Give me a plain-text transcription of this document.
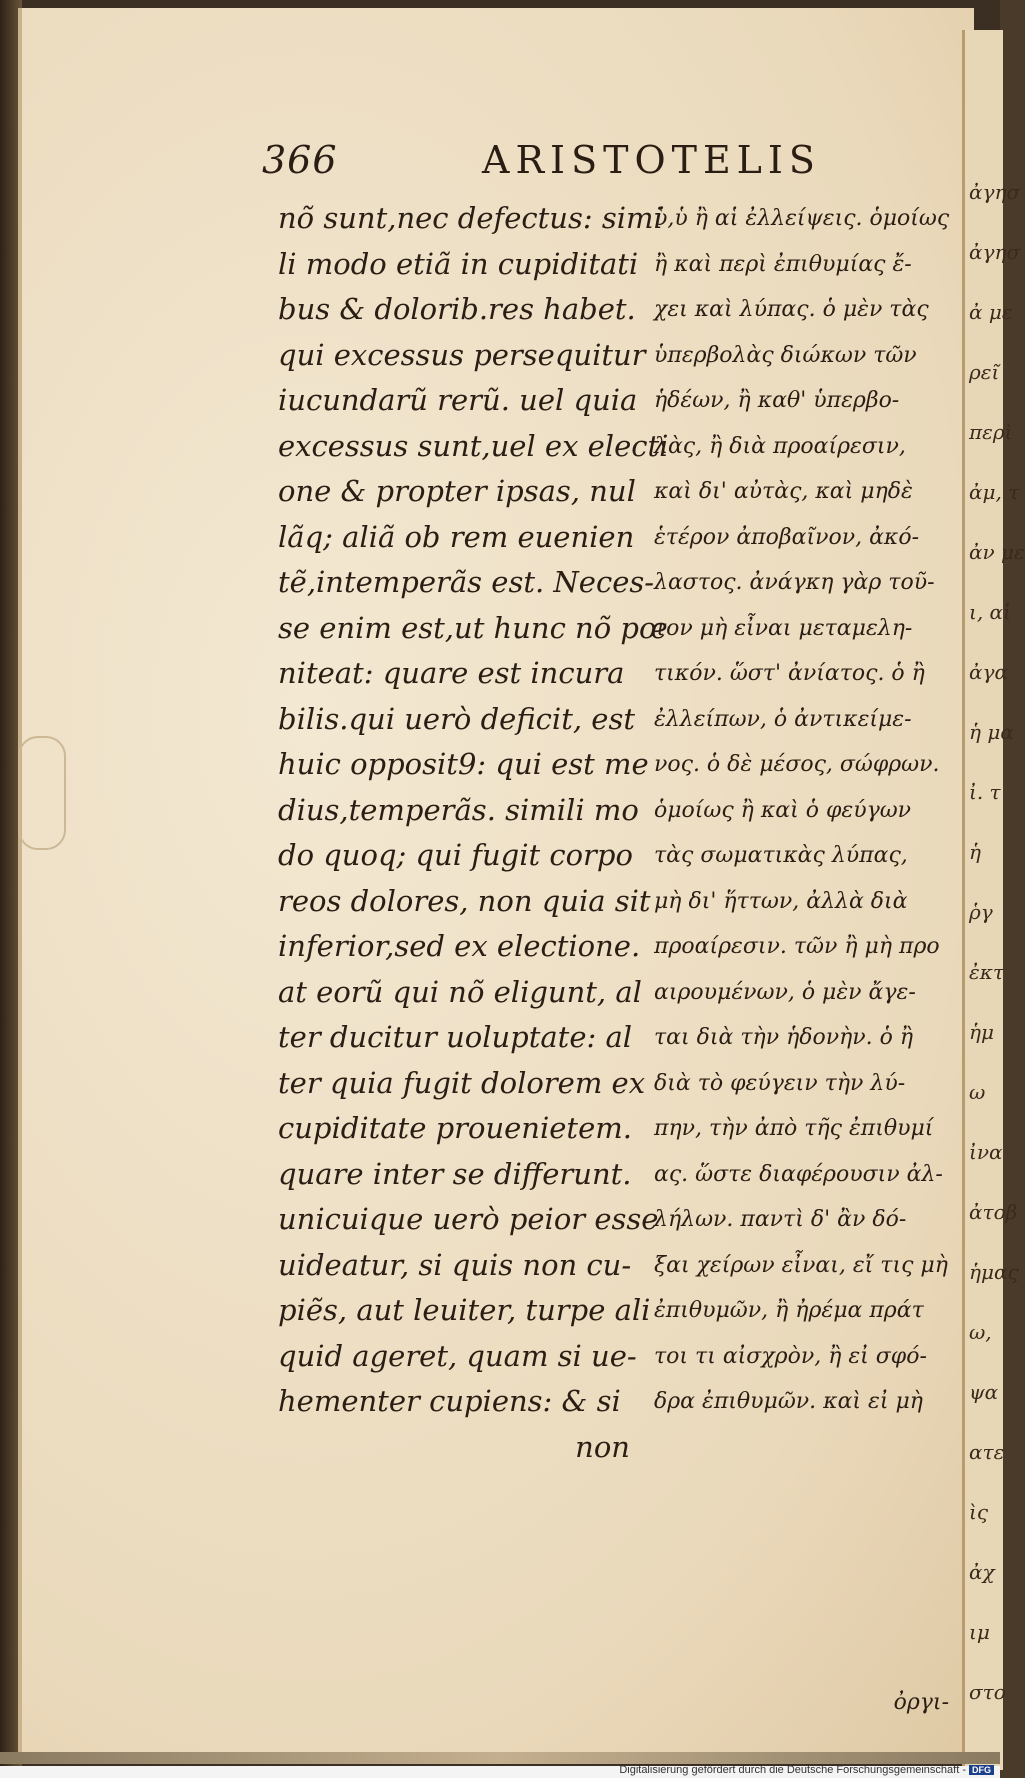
ἀγησ
ἀγησ
ἀ με
ρεῖ
περὶ
ἀμ, τ
ἀν με
ι, αἱ
ἀγα
ἡ μα
ἰ. τ
ἡ
ῥγ
ἐκτ
ἡμ
ω
ἰνα
ἀτοβ
ἡμας
ω,
ψα
ατε
ὶς
ἀχ
ιμ
στο
366	ARISTOTELIS
nõ sunt,nec defectus: simi
li modo etiã in cupiditati
bus & dolorib.res habet.
qui excessus persequitur
iucundarũ rerũ. uel quia
excessus sunt,uel ex electi
one & propter ipsas, nul
lãq; aliã ob rem euenien
tẽ,intemperãs est. Neces-
se enim est,ut hunc nõ pœ
niteat: quare est incura
bilis.qui uerò deficit, est
huic opposit9: qui est me
dius,temperãs. simili mo
do quoq; qui fugit corpo
reos dolores, non quia sit
inferior,sed ex electione.
at eorũ qui nõ eligunt, al
ter ducitur uoluptate: al
ter quia fugit dolorem ex
cupiditate prouenietem.
quare inter se differunt.
unicuique uerò peior esse
uideatur, si quis non cu-
piẽs, aut leuiter, turpe ali
quid ageret, quam si ue-
hementer cupiens: & si
non
ὑ,ὑ ἢ αἱ ἐλλείψεις. ὁμοίως
ἢ καὶ περὶ ἐπιθυμίας ἔ-
χει καὶ λύπας. ὁ μὲν τὰς
ὑπερβολὰς διώκων τῶν
ἡδέων, ἢ καθ' ὑπερβο-
λὰς, ἢ διὰ προαίρεσιν,
καὶ δι' αὐτὰς, καὶ μηδὲ
ἑτέρον ἀποβαῖνον, ἀκό-
λαστος. ἀνάγκη γὰρ τοῦ-
τον μὴ εἶναι μεταμελη-
τικόν. ὥστ' ἀνίατος. ὁ ἢ
ἐλλείπων, ὁ ἀντικείμε-
νος. ὁ δὲ μέσος, σώφρων.
ὁμοίως ἢ καὶ ὁ φεύγων
τὰς σωματικὰς λύπας,
μὴ δι' ἥττων, ἀλλὰ διὰ
προαίρεσιν. τῶν ἢ μὴ προ
αιρουμένων, ὁ μὲν ἄγε-
ται διὰ τὴν ἡδονὴν. ὁ ἢ
διὰ τὸ φεύγειν τὴν λύ-
πην, τὴν ἀπὸ τῆς ἐπιθυμί
ας. ὥστε διαφέρουσιν ἀλ-
λήλων. παντὶ δ' ἂν δό-
ξαι χείρων εἶναι, εἴ τις μὴ
ἐπιθυμῶν, ἢ ἠρέμα πράτ
τοι τι αἰσχρὸν, ἢ εἰ σφό-
δρα ἐπιθυμῶν. καὶ εἰ μὴ
ὀργι-
Digitalisierung gefördert durch die Deutsche Forschungsgemeinschaft - DFG
